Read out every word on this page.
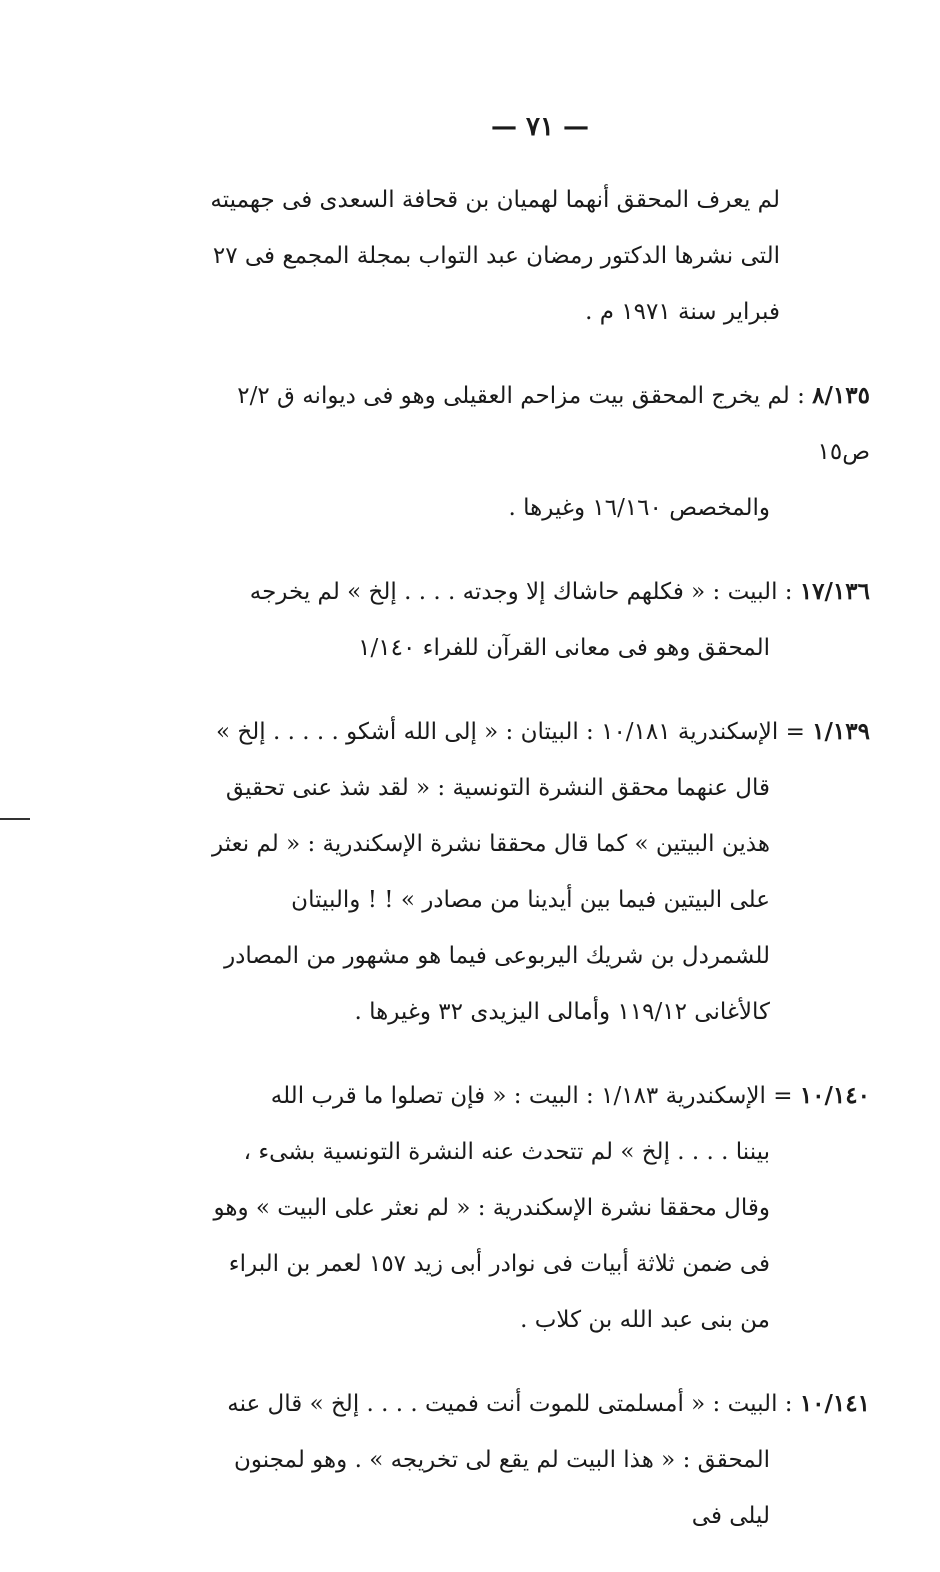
— ٧١ —

لم يعرف المحقق أنهما لهميان بن قحافة السعدى فى جهميته التى نشرها الدكتور رمضان عبد التواب بمجلة المجمع فى ٢٧ فبراير سنة ١٩٧١ م .

٨/١٣٥ : لم يخرج المحقق بيت مزاحم العقيلى وهو فى ديوانه ق ٢/٢ ص١٥
والمخصص ١٦/١٦٠ وغيرها .
١٧/١٣٦ : البيت : « فكلهم حاشاك إلا وجدته . . . . إلخ » لم يخرجه
المحقق وهو فى معانى القرآن للفراء ١/١٤٠
١/١٣٩ = الإسكندرية ١٠/١٨١ : البيتان : « إلى الله أشكو . . . . . إلخ »
قال عنهما محقق النشرة التونسية : « لقد شذ عنى تحقيق هذين البيتين » كما قال محققا نشرة الإسكندرية : « لم نعثر على البيتين فيما بين أيدينا من مصادر » ! ! والبيتان للشمردل بن شريك اليربوعى فيما هو مشهور من المصادر كالأغانى ١١٩/١٢ وأمالى اليزيدى ٣٢ وغيرها .
١٠/١٤٠ = الإسكندرية ١/١٨٣ : البيت : « فإن تصلوا ما قرب الله
بيننا . . . . إلخ » لم تتحدث عنه النشرة التونسية بشىء ، وقال محققا نشرة الإسكندرية : « لم نعثر على البيت » وهو فى ضمن ثلاثة أبيات فى نوادر أبى زيد ١٥٧ لعمر بن البراء من بنى عبد الله بن كلاب .
١٠/١٤١ : البيت : « أمسلمتى للموت أنت فميت . . . . إلخ » قال عنه
المحقق : « هذا البيت لم يقع لى تخريجه » . وهو لمجنون ليلى فى
